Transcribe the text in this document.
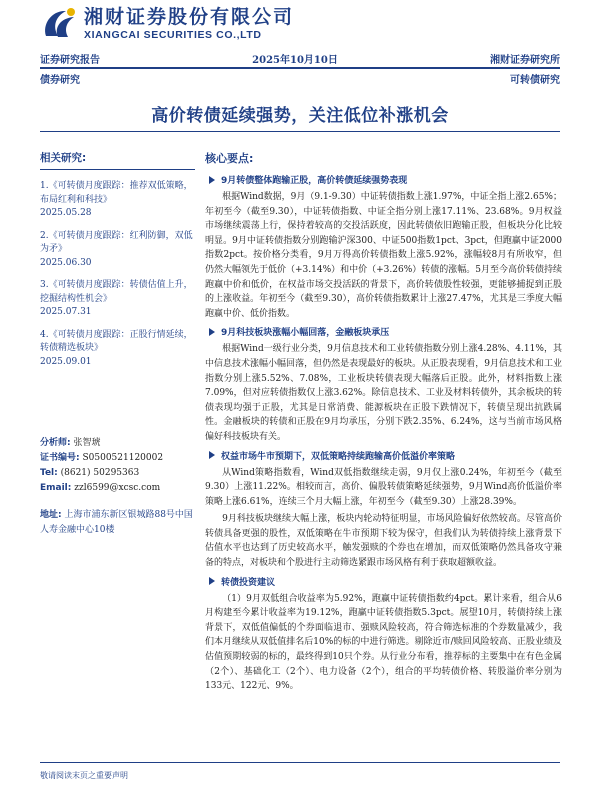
湘财证券股份有限公司
XIANGCAI SECURITIES CO.,LTD
证券研究报告	2025年10月10日	湘财证券研究所
债券研究	可转债研究
高价转债延续强势，关注低位补涨机会
相关研究:
1.《可转债月度跟踪：推荐双低策略，布局红利和科技》
2025.05.28
2.《可转债月度跟踪：红利防御，双低为矛》
2025.06.30
3.《可转债月度跟踪：转债估值上升，挖掘结构性机会》
2025.07.31
4.《可转债月度跟踪：正股行情延续，转债精选板块》
2025.09.01
分析师: 张智琥
证书编号: S0500521120002
Tel: (8621) 50295363
Email: zzl6599@xcsc.com
地址: 上海市浦东新区银城路88号中国人寿金融中心10楼
核心要点:
9月转债整体跑输正股，高价转债延续强势表现

根据Wind数据，9月（9.1-9.30）中证转债指数上涨1.97%，中证全指上涨2.65%；年初至今（截至9.30），中证转债指数、中证全指分别上涨17.11%、23.68%。9月权益市场继续震荡上行，保持着较高的交投活跃度，因此转债依旧跑输正股，但板块分化比较明显。9月中证转债指数分别跑输沪深300、中证500指数1pct、3pct，但跑赢中证2000指数2pct。按价格分类看，9月万得高价转债指数上涨5.92%，涨幅较8月有所收窄，但仍然大幅领先于低价（+3.14%）和中价（+3.26%）转债的涨幅。5月至今高价转债持续跑赢中价和低价，在权益市场交投活跃的背景下，高价转债股性较强，更能够捕捉到正股的上涨收益。年初至今（截至9.30），高价转债指数累计上涨27.47%，尤其是三季度大幅跑赢中价、低价指数。

9月科技板块涨幅小幅回落，金融板块承压

根据Wind一级行业分类，9月信息技术和工业转债指数分别上涨4.28%、4.11%，其中信息技术涨幅小幅回落，但仍然是表现最好的板块。从正股表现看，9月信息技术和工业指数分别上涨5.52%、7.08%，工业板块转债表现大幅落后正股。此外，材料指数上涨7.09%，但对应转债指数仅上涨3.62%。除信息技术、工业及材料转债外，其余板块的转债表现均强于正股，尤其是日常消费、能源板块在正股下跌情况下，转债呈现出抗跌属性。金融板块的转债和正股在9月均承压，分别下跌2.35%、6.24%，这与当前市场风格偏好科技板块有关。

权益市场牛市预期下，双低策略持续跑输高价低溢价率策略

从Wind策略指数看，Wind双低指数继续走弱，9月仅上涨0.24%，年初至今（截至9.30）上涨11.22%。相较而言，高价、偏股转债策略延续强势，9月Wind高价低溢价率策略上涨6.61%，连续三个月大幅上涨，年初至今（截至9.30）上涨28.39%。

9月科技板块继续大幅上涨，板块内轮动特征明显，市场风险偏好依然较高。尽管高价转债具备更强的股性，双低策略在牛市预期下较为保守，但我们认为转债持续上涨背景下估值水平也达到了历史较高水平，触发强赎的个券也在增加，而双低策略仍然具备攻守兼备的特点，对板块和个股进行主动筛选紧跟市场风格有利于获取超额收益。

转债投资建议

（1）9月双低组合收益率为5.92%，跑赢中证转债指数约4pct。累计来看，组合从6月构建至今累计收益率为19.12%，跑赢中证转债指数5.3pct。展望10月，转债持续上涨背景下，双低值偏低的个券面临退市、强赎风险较高，符合筛选标准的个券数量减少，我们本月继续从双低值排名后10%的标的中进行筛选。剔除近市/赎回风险较高、正股业绩及估值预期较弱的标的，最终得到10只个券。从行业分布看，推荐标的主要集中在有色金属（2个）、基础化工（2个）、电力设备（2个），组合的平均转债价格、转股溢价率分别为133元、122元、9%。

敬请阅读末页之重要声明
